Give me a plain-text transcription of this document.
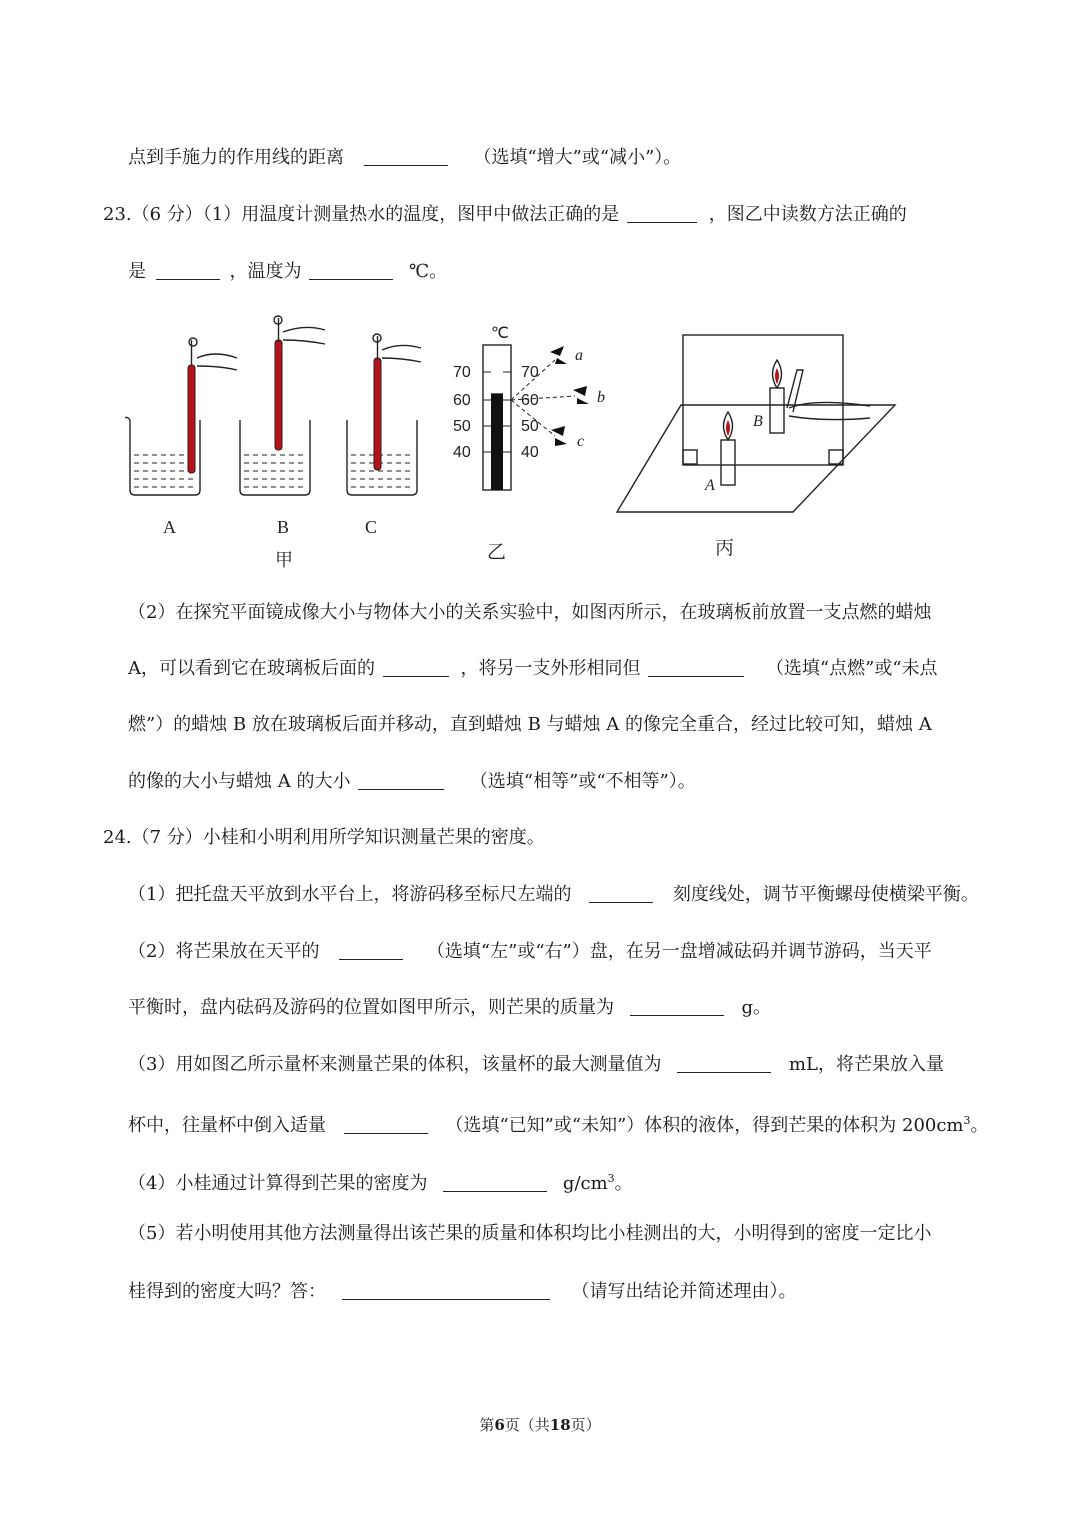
点到手施力的作用线的距离	（选填“增大”或“减小”）。
23.（6 分）（1）用温度计测量热水的温度，图甲中做法正确的是	，图乙中读数方法正确的
是	，温度为	℃。
A	B	C
甲
℃
70
60
50
40
70
60
50
40
a
b
c
乙
A
B
丙
（2）在探究平面镜成像大小与物体大小的关系实验中，如图丙所示，在玻璃板前放置一支点燃的蜡烛
A，可以看到它在玻璃板后面的	，将另一支外形相同但	（选填“点燃”或“未点
燃”）的蜡烛 B 放在玻璃板后面并移动，直到蜡烛 B 与蜡烛 A 的像完全重合，经过比较可知，蜡烛 A
的像的大小与蜡烛 A 的大小	（选填“相等”或“不相等”）。
24.（7 分）小桂和小明利用所学知识测量芒果的密度。
（1）把托盘天平放到水平台上，将游码移至标尺左端的	刻度线处，调节平衡螺母使横梁平衡。
（2）将芒果放在天平的	（选填“左”或“右”）盘，在另一盘增减砝码并调节游码，当天平
平衡时，盘内砝码及游码的位置如图甲所示，则芒果的质量为	g。
（3）用如图乙所示量杯来测量芒果的体积，该量杯的最大测量值为	mL，将芒果放入量
杯中，往量杯中倒入适量	（选填“已知”或“未知”）体积的液体，得到芒果的体积为 $200cm^3$。
（4）小桂通过计算得到芒果的密度为	$g/cm^3$。
（5）若小明使用其他方法测量得出该芒果的质量和体积均比小桂测出的大，小明得到的密度一定比小
桂得到的密度大吗？答：	（请写出结论并简述理由）。
第6页（共18页）
